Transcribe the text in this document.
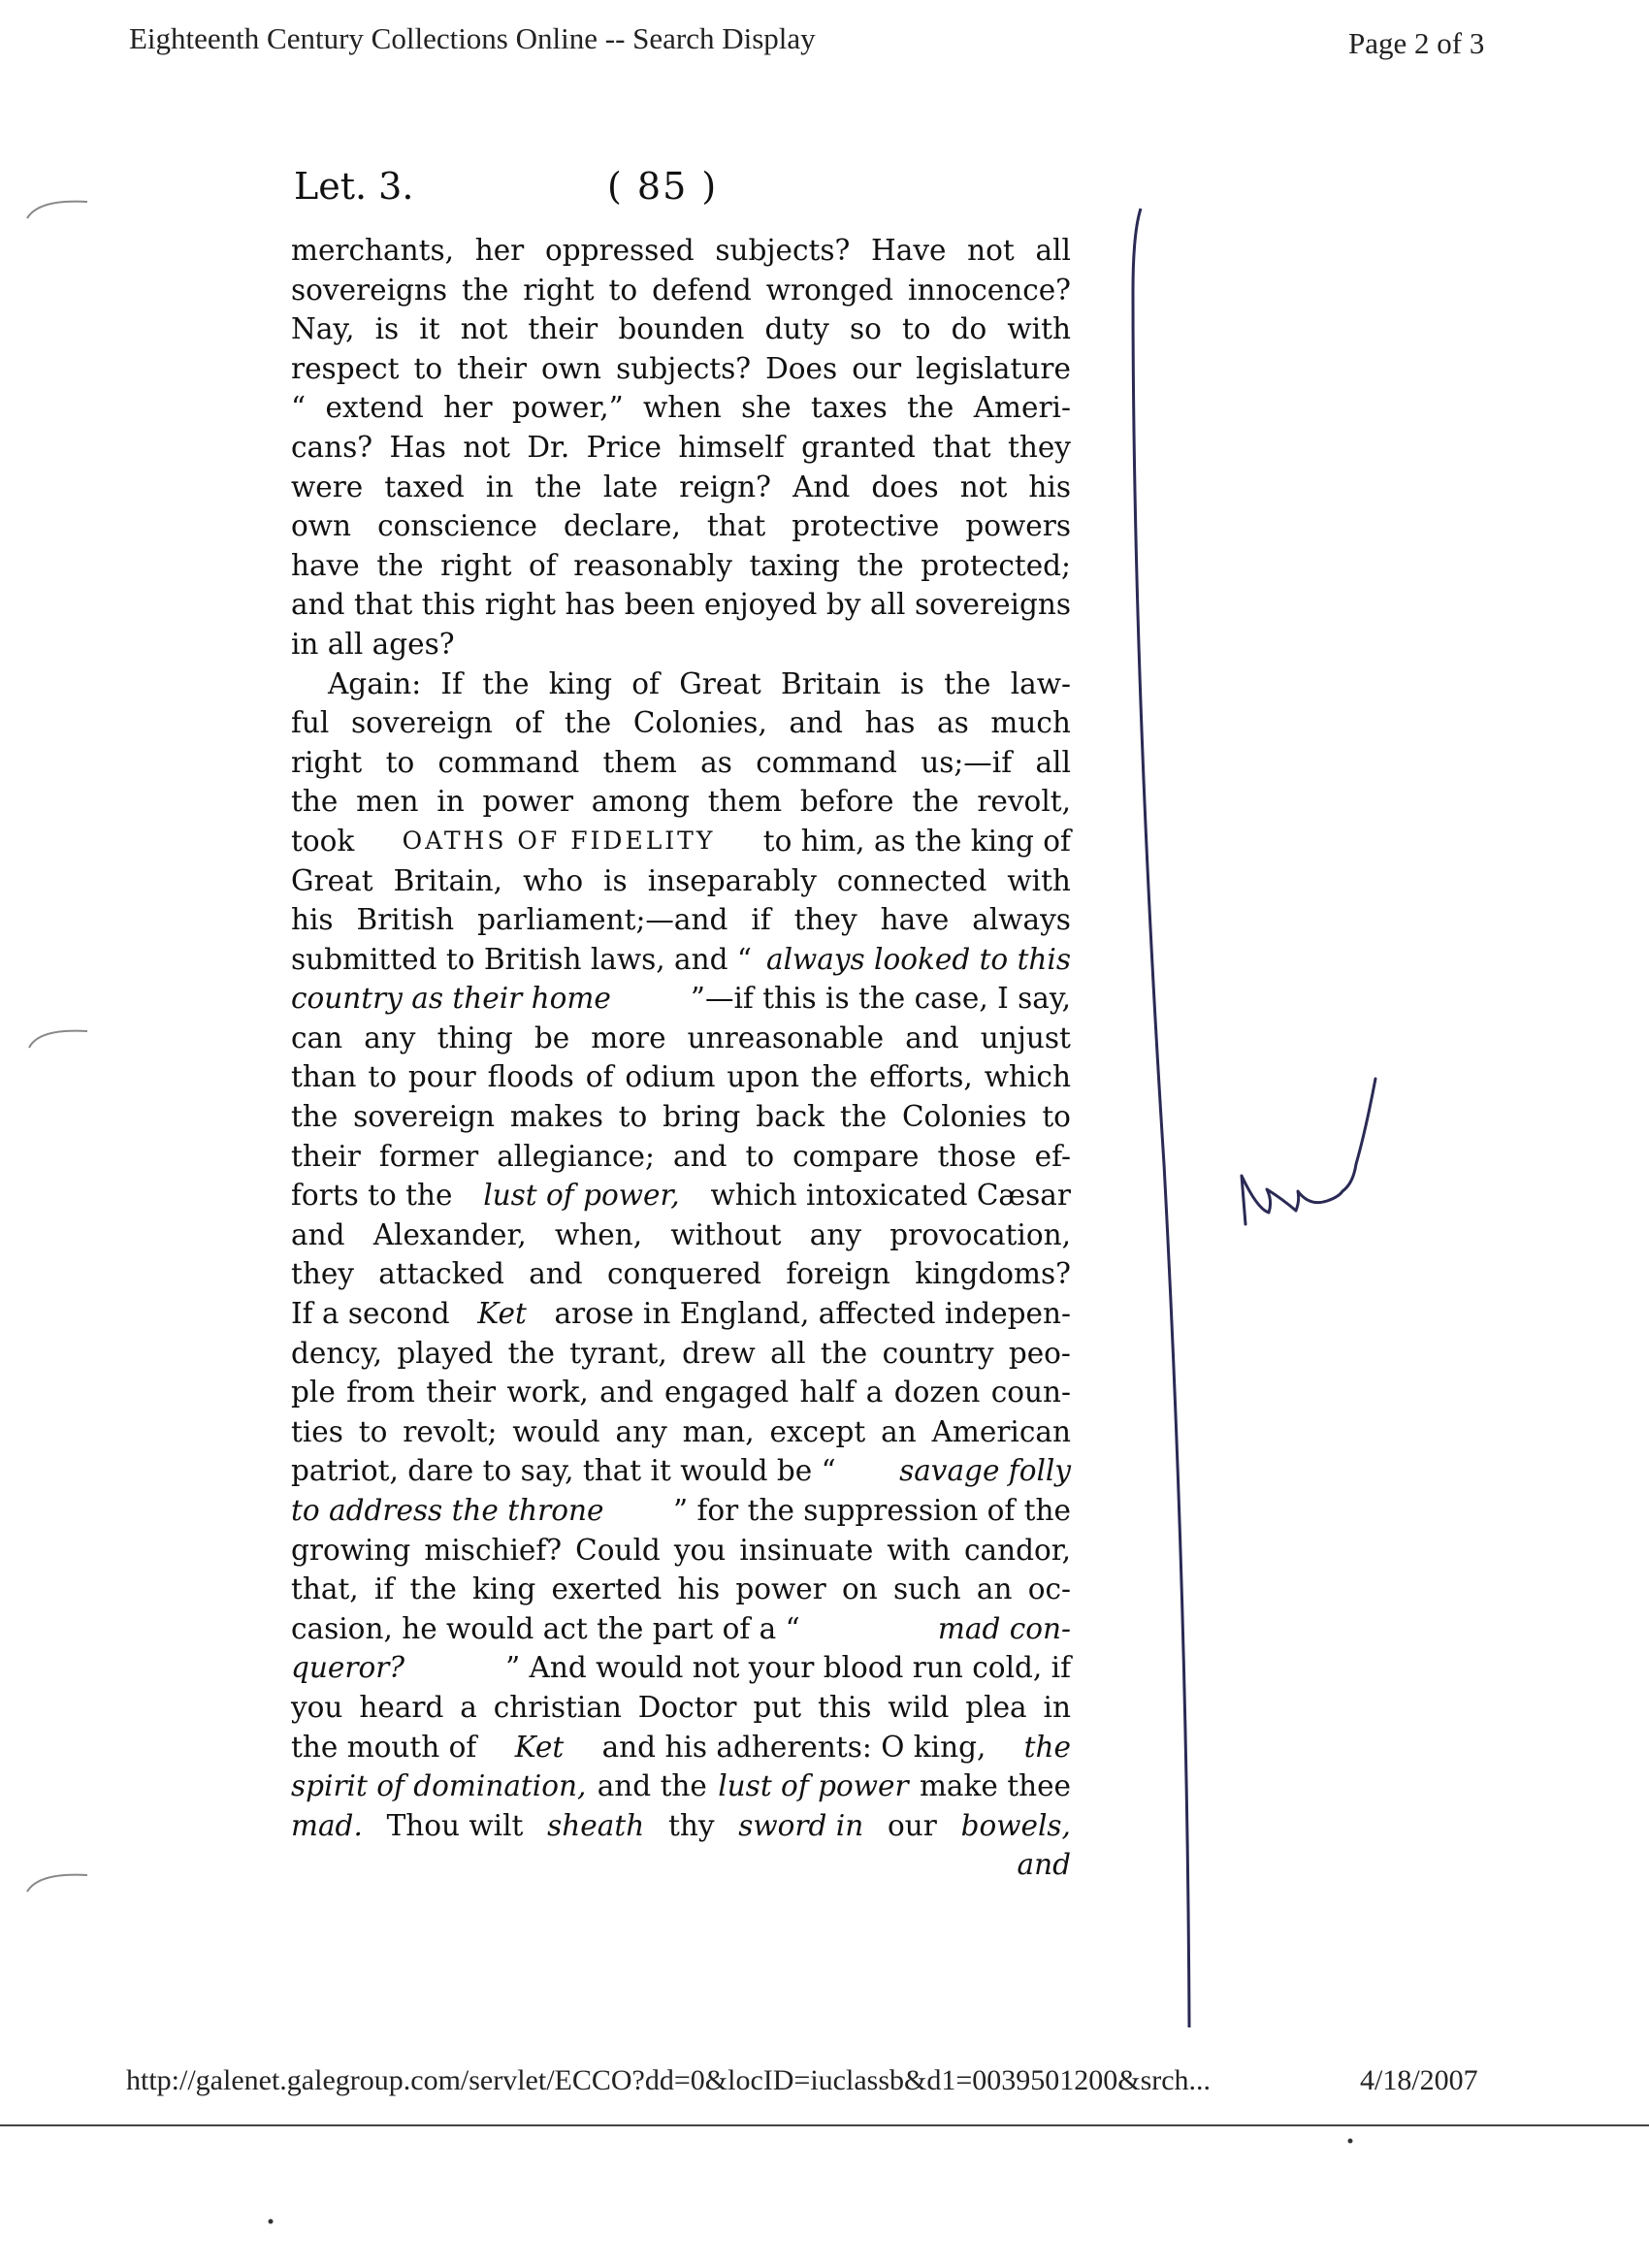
Eighteenth Century Collections Online -- Search Display	Page 2 of 3
Let. 3.	( 85 )
merchants, her oppressed subjects? Have not all
sovereigns the right to defend wronged innocence?
Nay, is it not their bounden duty so to do with
respect to their own subjects? Does our legislature
“ extend her power,” when she taxes the Ameri-
cans? Has not Dr. Price himself granted that they
were taxed in the late reign? And does not his
own conscience declare, that protective powers
have the right of reasonably taxing the protected;
and that this right has been enjoyed by all sovereigns
in all ages?
Again: If the king of Great Britain is the law-
ful sovereign of the Colonies, and has as much
right to command them as command us;—if all
the men in power among them before the revolt,
took OATHS OF FIDELITY to him, as the king of
Great Britain, who is inseparably connected with
his British parliament;—and if they have always
submitted to British laws, and “ always looked to this
country as their home	”—if this is the case, I say,
can any thing be more unreasonable and unjust
than to pour floods of odium upon the efforts, which
the sovereign makes to bring back the Colonies to
their former allegiance; and to compare those ef-
forts to the lust of power, which intoxicated Cæsar
and Alexander, when, without any provocation,
they attacked and conquered foreign kingdoms?
If a second Ket arose in England, affected indepen-
dency, played the tyrant, drew all the country peo-
ple from their work, and engaged half a dozen coun-
ties to revolt; would any man, except an American
patriot, dare to say, that it would be “ savage folly
to address the throne ” for the suppression of the
growing mischief? Could you insinuate with candor,
that, if the king exerted his power on such an oc-
casion, he would act the part of a “	mad con-
queror?	” And would not your blood run cold, if
you heard a christian Doctor put this wild plea in
the mouth of Ket and his adherents: O king, the
spirit of domination, and the lust of power make thee
mad. Thou wilt sheath thy sword in our bowels,
and
http://galenet.galegroup.com/servlet/ECCO?dd=0&locID=iuclassb&d1=0039501200&srch...	4/18/2007
